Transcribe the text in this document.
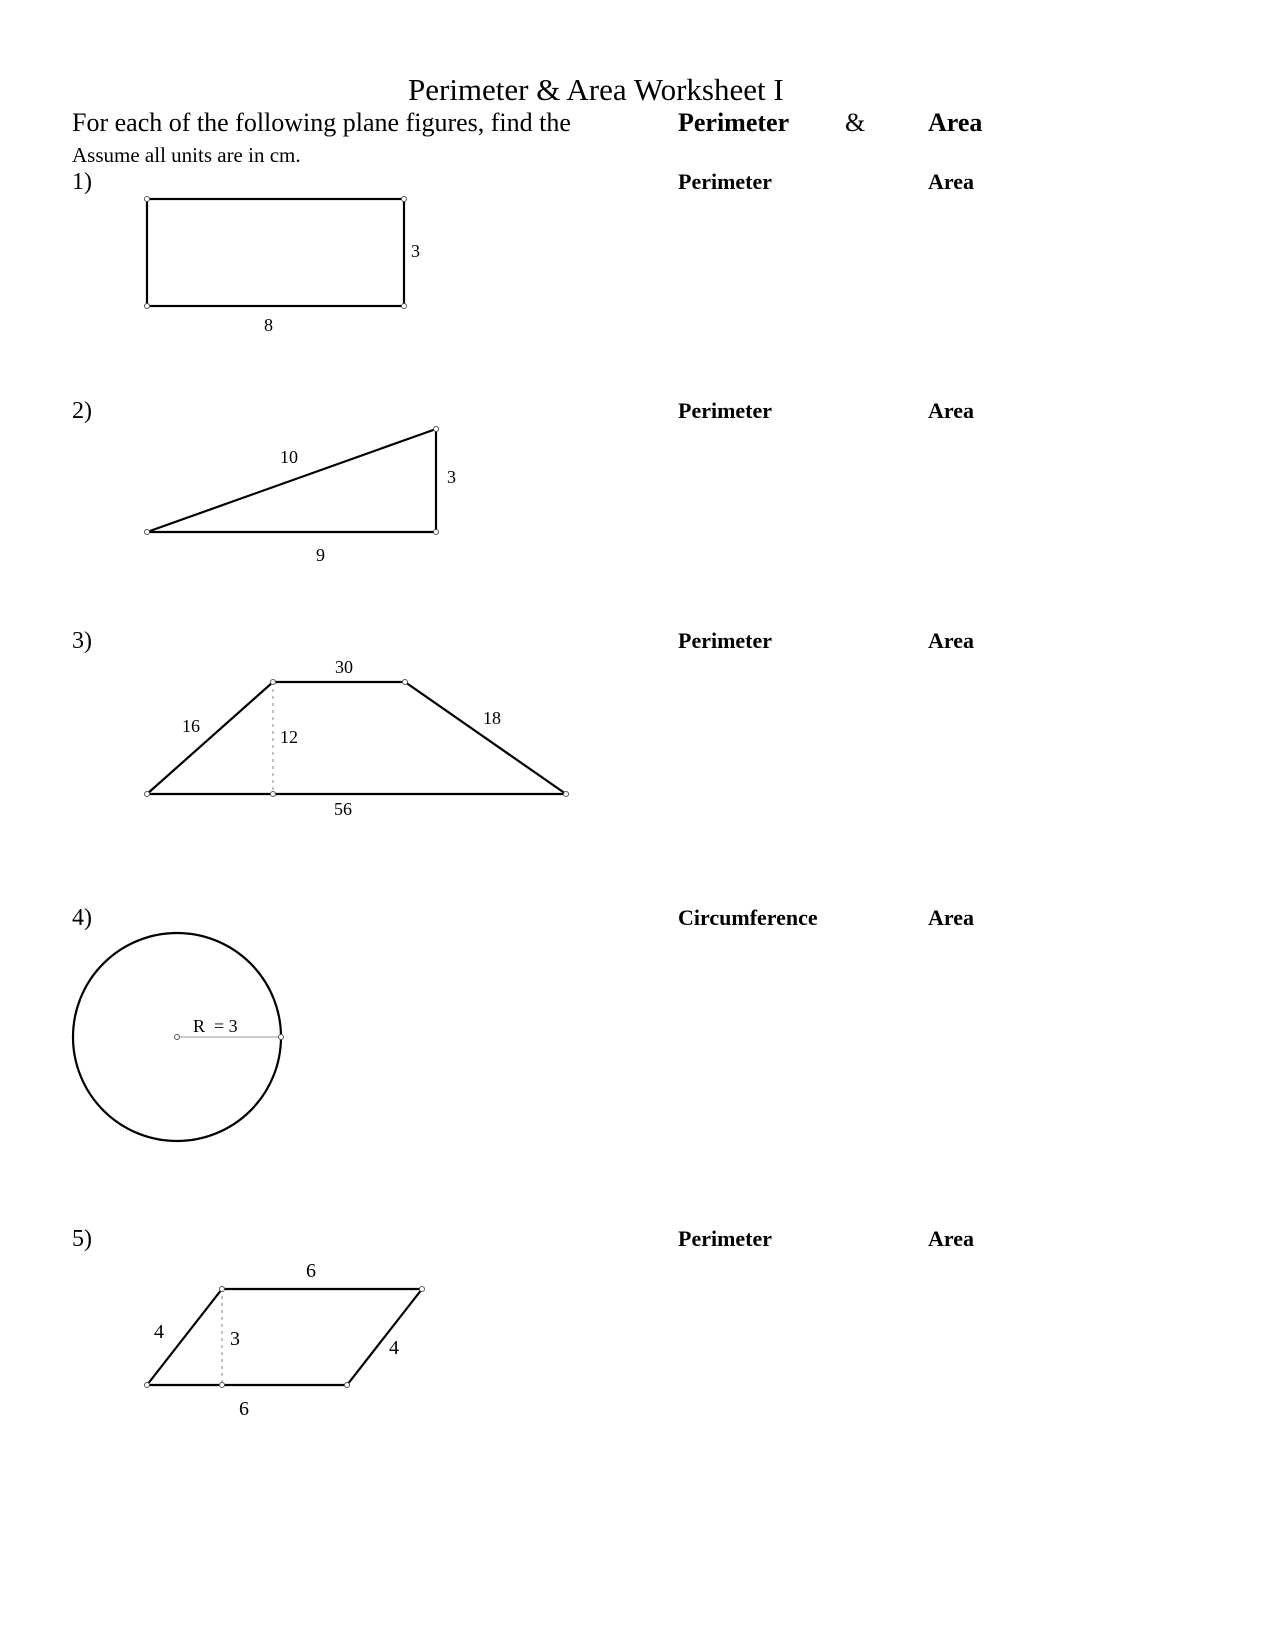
Perimeter & Area Worksheet I
For each of the following plane figures, find the	Perimeter & Area
Assume all units are in cm.
1)	Perimeter	Area
2)	Perimeter	Area
3)	Perimeter	Area
4)	Circumference	Area
5)	Perimeter	Area
3
8
10
3
9
30
16
12
18
56
R  = 3
6
4	3	4
6
